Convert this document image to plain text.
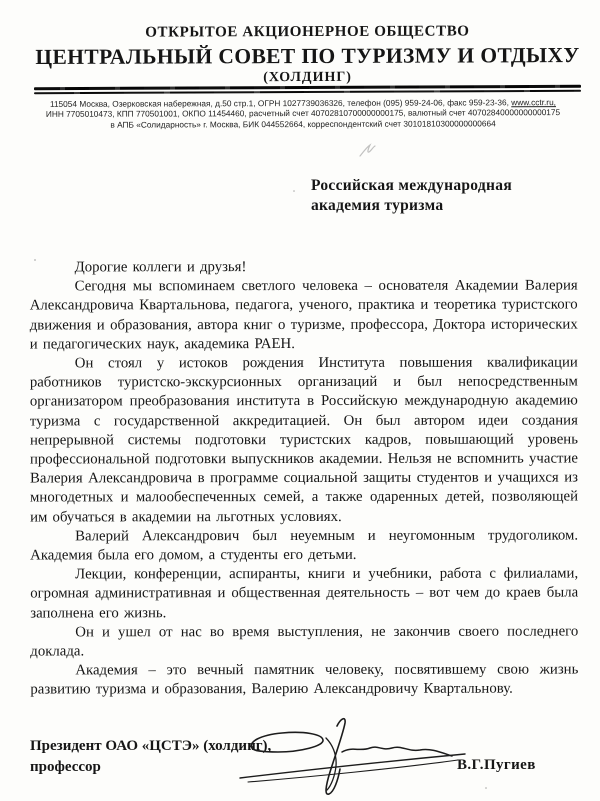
ОТКРЫТОЕ АКЦИОНЕРНОЕ ОБЩЕСТВО
ЦЕНТРАЛЬНЫЙ СОВЕТ ПО ТУРИЗМУ И ОТДЫХУ
(ХОЛДИНГ)
115054 Москва, Озерковская набережная, д.50 стр.1, ОГРН 1027739036326, телефон (095) 959-24-06, факс 959-23-36, www.cctr.ru,
ИНН 7705010473, КПП 770501001, ОКПО 11454460, расчетный счет 40702810700000000175, валютный счет 40702840000000000175
в АПБ «Солидарность» г. Москва, БИК 044552664, корреспондентский счет 30101810300000000664
Российская международная
академия туризма

Дорогие коллеги и друзья!

Сегодня мы вспоминаем светлого человека – основателя Академии Валерия Александровича Квартальнова, педагога, ученого, практика и теоретика туристского движения и образования, автора книг о туризме, профессора, Доктора исторических и педагогических наук, академика РАЕН.

Он стоял у истоков рождения Института повышения квалификации работников туристско-экскурсионных организаций и был непосредственным организатором преобразования института в Российскую международную академию туризма с государственной аккредитацией. Он был автором идеи создания непрерывной системы подготовки туристских кадров, повышающий уровень профессиональной подготовки выпускников академии. Нельзя не вспомнить участие Валерия Александровича в программе социальной защиты студентов и учащихся из многодетных и малообеспеченных семей, а также одаренных детей, позволяющей им обучаться в академии на льготных условиях.

Валерий Александрович был неуемным и неугомонным трудоголиком. Академия была его домом, а студенты его детьми.

Лекции, конференции, аспиранты, книги и учебники, работа с филиалами, огромная административная и общественная деятельность – вот чем до краев была заполнена его жизнь.

Он и ушел от нас во время выступления, не закончив своего последнего доклада.

Академия – это вечный памятник человеку, посвятившему свою жизнь развитию туризма и образования, Валерию Александровичу Квартальнову.

Президент ОАО «ЦСТЭ» (холдинг),
профессор	В.Г.Пугиев
